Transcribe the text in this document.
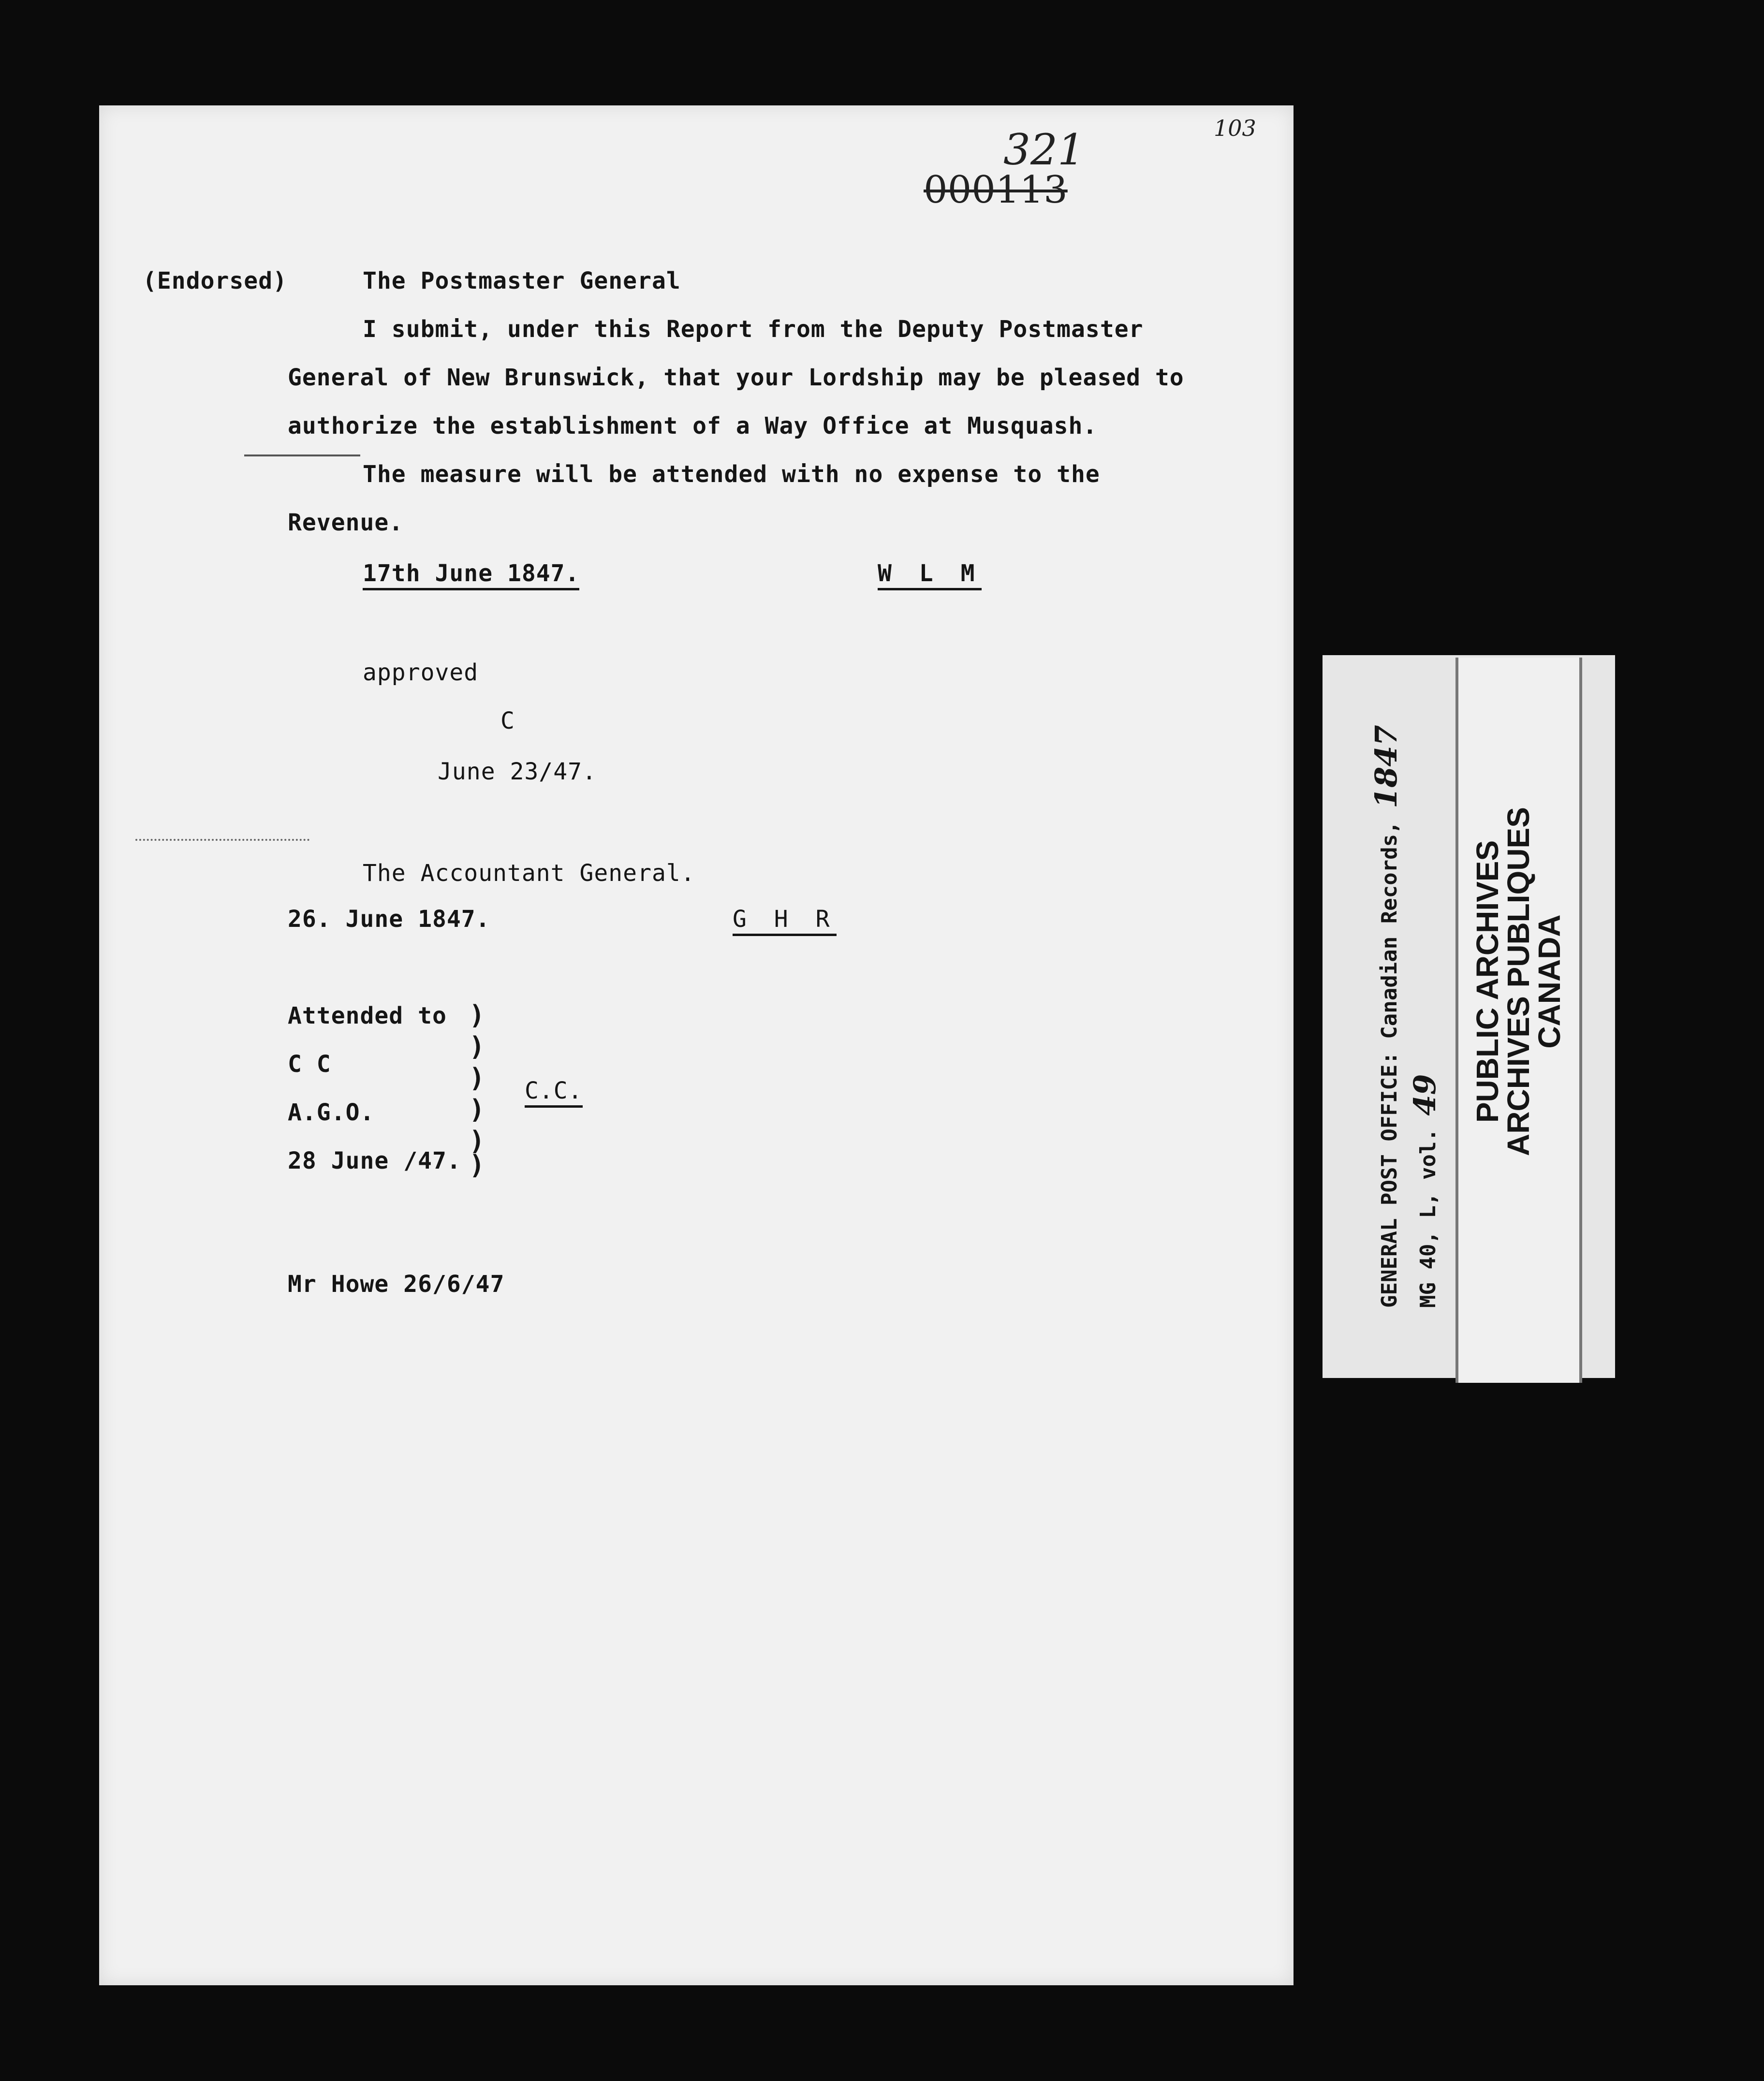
103
321
000113
(Endorsed)	The Postmaster General
I submit, under this Report from the Deputy Postmaster
General of New Brunswick, that your Lordship may be pleased to
authorize the establishment of a Way Office at Musquash.
The measure will be attended with no expense to the
Revenue.
17th June 1847.	W L M
approved
C
June 23/47.
The Accountant General.
26. June 1847.	G H R
Attended to
C C
A.G.O.
28 June /47.
)
)
)
)
)
)
C.C.
Mr Howe 26/6/47	GENERAL POST OFFICE: Canadian Records, 1847
MG 40, L, vol. 49 PUBLIC ARCHIVES
ARCHIVES PUBLIQUES
CANADA
